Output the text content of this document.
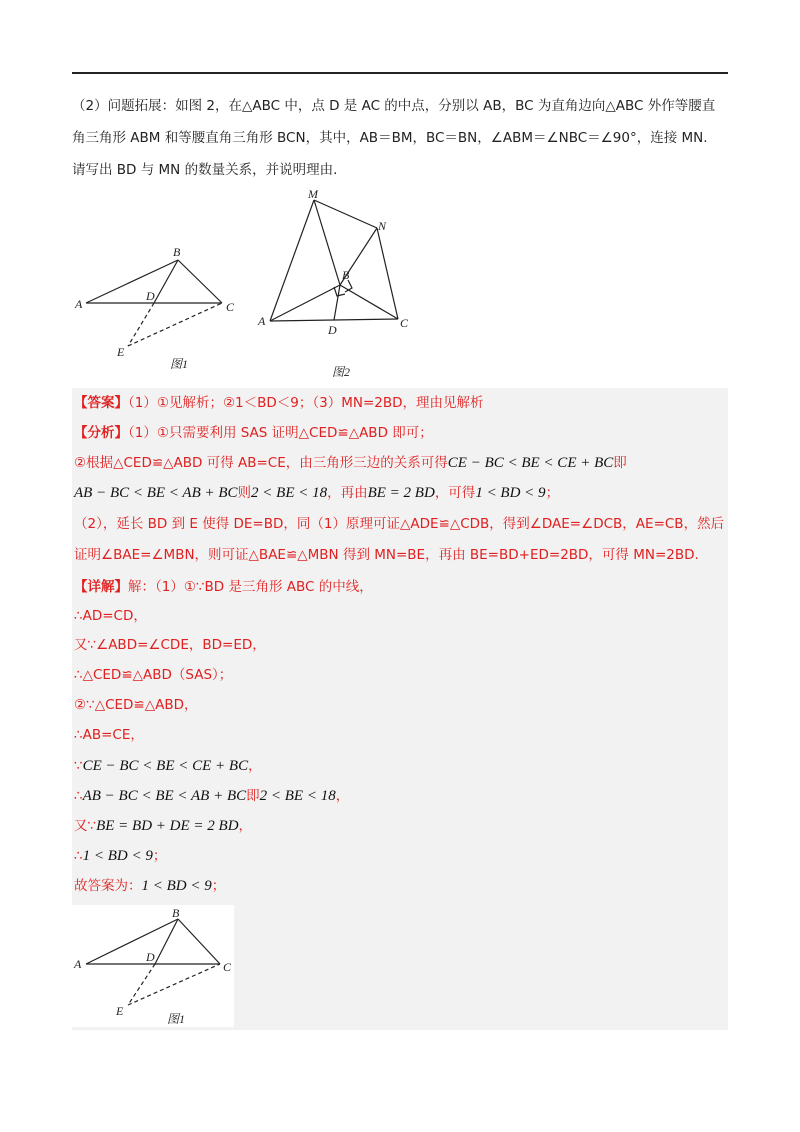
（2）问题拓展：如图 2，在△ABC 中，点 D 是 AC 的中点，分别以 AB，BC 为直角边向△ABC 外作等腰直
角三角形 ABM 和等腰直角三角形 BCN，其中，AB＝BM，BC＝BN，∠ABM＝∠NBC＝∠90°，连接 MN.
请写出 BD 与 MN 的数量关系，并说明理由.
A
B
C
D
E
图1
M
N
B
A	C
D
图2
【答案】（1）①见解析；②1＜BD＜9；（3）MN=2BD，理由见解析
【分析】（1）①只需要利用 SAS 证明△CED≌△ABD 即可；
②根据△CED≌△ABD 可得 AB=CE，由三角形三边的关系可得CE − BC < BE < CE + BC即
AB − BC < BE < AB + BC则2 < BE < 18，再由BE = 2 BD，可得1 < BD < 9；
（2），延长 BD 到 E 使得 DE=BD，同（1）原理可证△ADE≌△CDB，得到∠DAE=∠DCB，AE=CB，然后
证明∠BAE=∠MBN，则可证△BAE≌△MBN 得到 MN=BE，再由 BE=BD+ED=2BD，可得 MN=2BD.
【详解】解：（1）①∵BD 是三角形 ABC 的中线，
∴AD=CD，
又∵∠ABD=∠CDE，BD=ED，
∴△CED≌△ABD（SAS）；
②∵△CED≌△ABD，
∴AB=CE，
∵CE − BC < BE < CE + BC，
∴AB − BC < BE < AB + BC即2 < BE < 18，
又∵BE = BD + DE = 2 BD，
∴1 < BD < 9；
故答案为：1 < BD < 9；
A
B
C
D
E
图1
